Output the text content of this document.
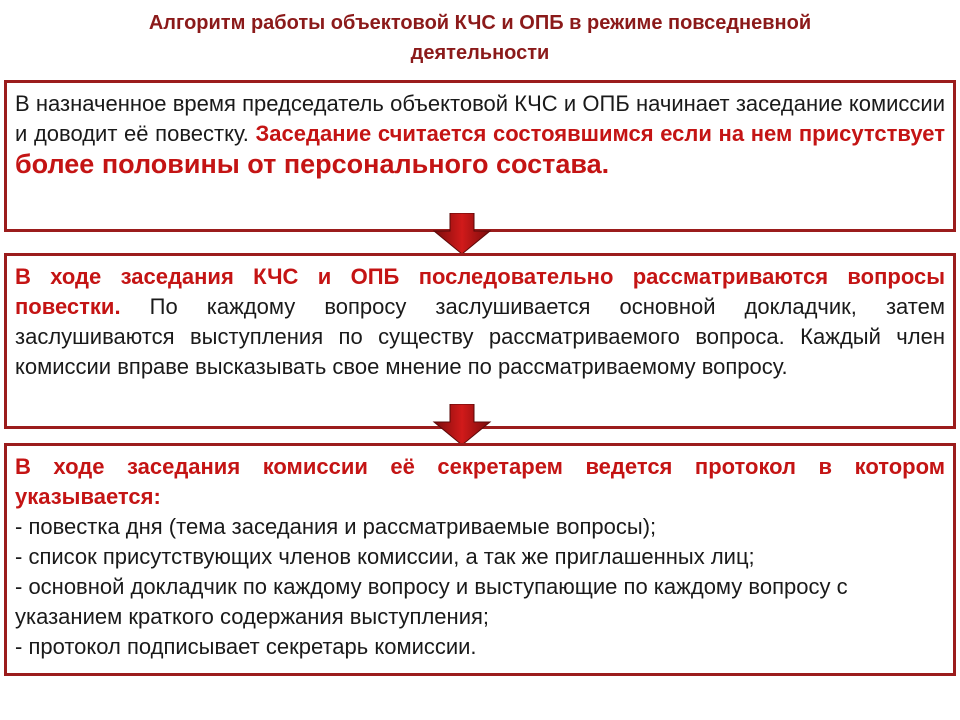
Алгоритм работы объектовой КЧС и ОПБ в режиме повседневной
деятельности

В назначенное время председатель объектовой КЧС и ОПБ начинает заседание комиссии и доводит её повестку. Заседание считается состоявшимся если на нем присутствует более половины от персонального состава.

В ходе заседания КЧС и ОПБ последовательно рассматриваются вопросы повестки. По каждому вопросу заслушивается основной докладчик, затем заслушиваются выступления по существу рассматриваемого вопроса. Каждый член комиссии вправе высказывать свое мнение по рассматриваемому вопросу.

В ходе заседания комиссии её секретарем ведется протокол в котором указывается:

- повестка дня (тема заседания и рассматриваемые вопросы);

- список присутствующих членов комиссии, а так же приглашенных лиц;

- основной докладчик по каждому вопросу и выступающие по каждому вопросу с указанием краткого содержания выступления;

- протокол подписывает секретарь комиссии.
